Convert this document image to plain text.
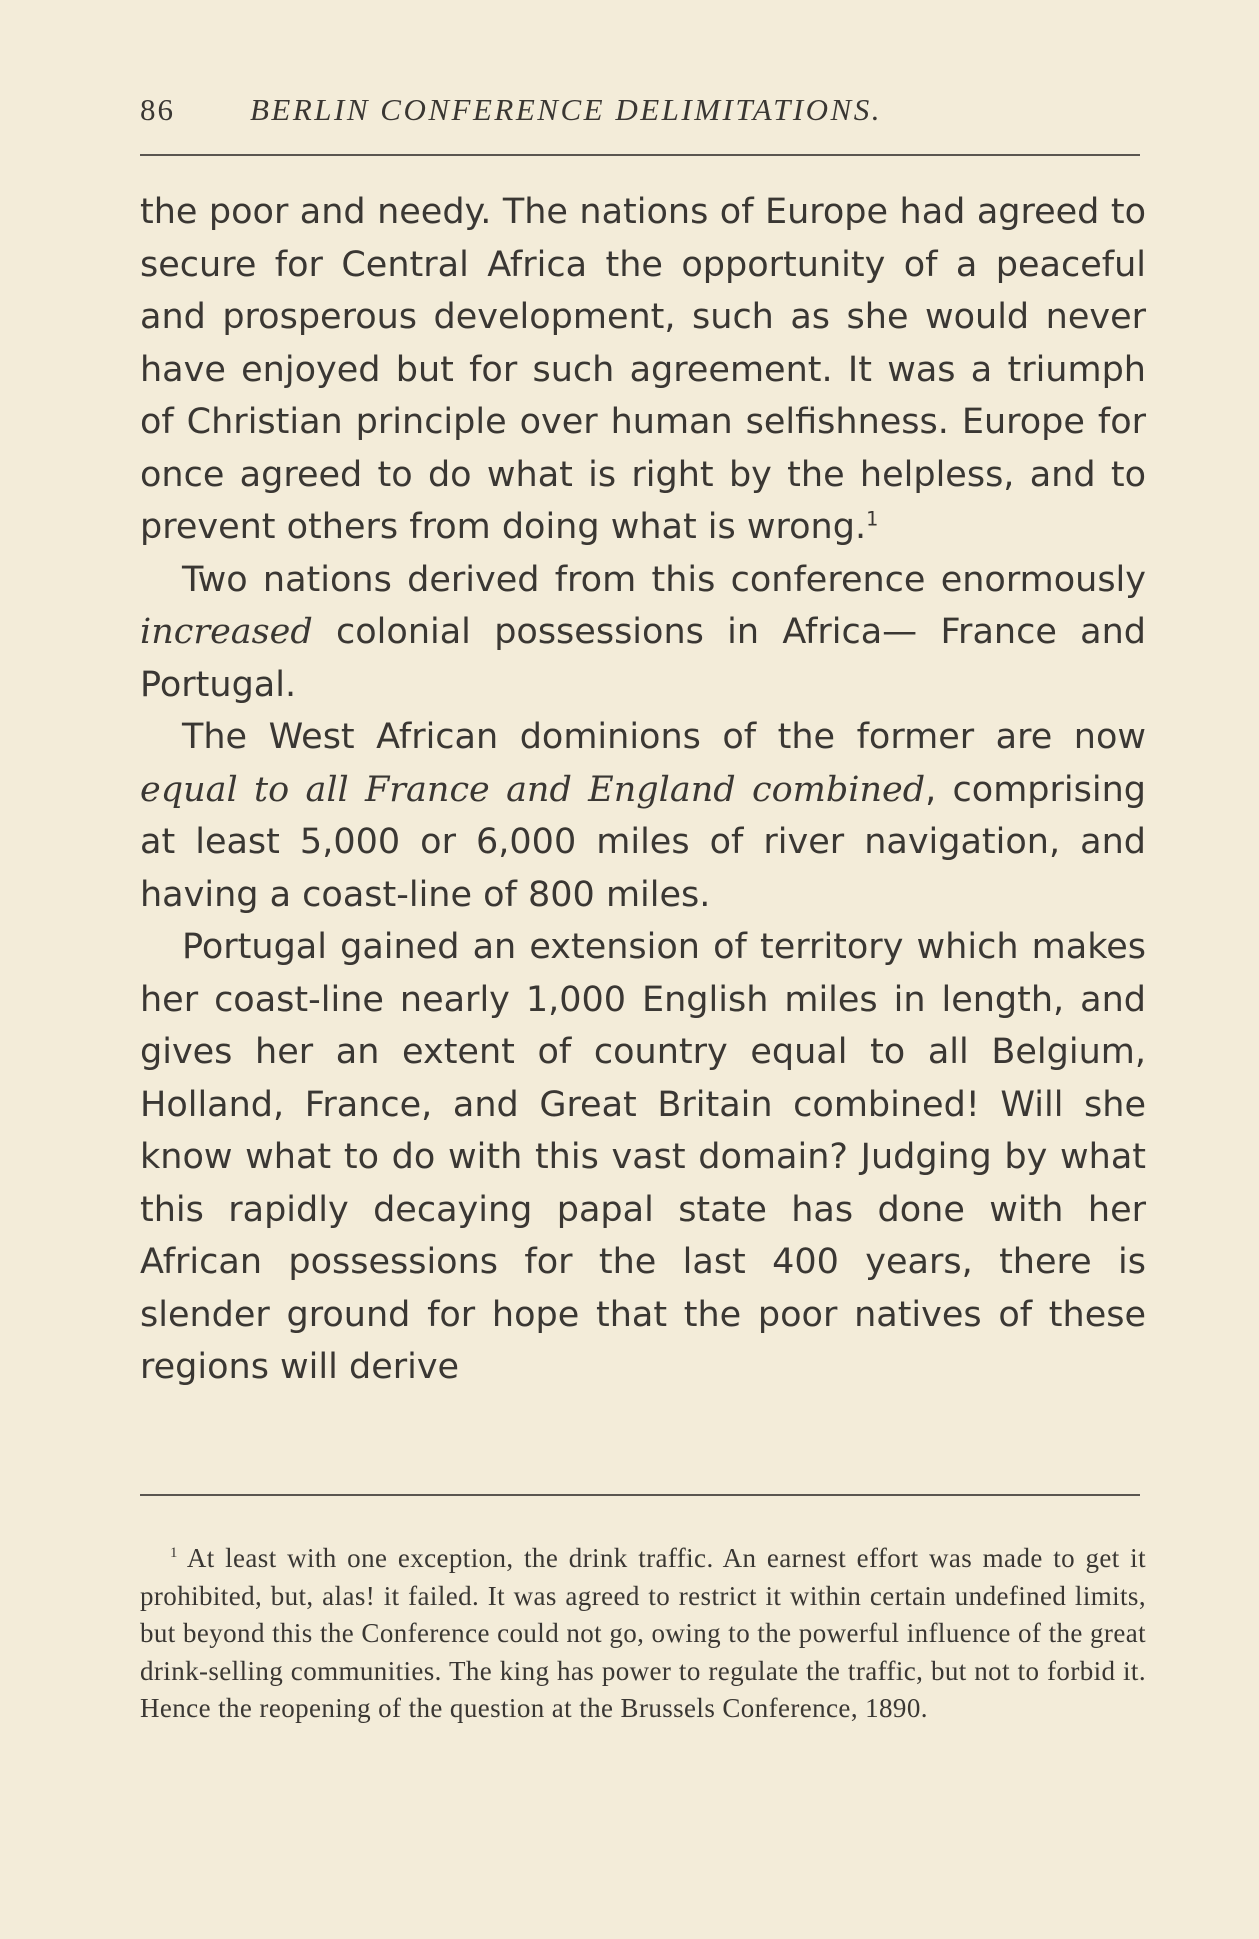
86 BERLIN CONFERENCE DELIMITATIONS.

the poor and needy. The nations of Europe had agreed to secure for Central Africa the opportunity of a peaceful and prosperous development, such as she would never have enjoyed but for such agreement. It was a triumph of Christian principle over human selfishness. Europe for once agreed to do what is right by the helpless, and to prevent others from doing what is wrong.$^1$

Two nations derived from this conference enormously increased colonial possessions in Africa— France and Portugal.

The West African dominions of the former are now equal to all France and England combined, comprising at least 5,000 or 6,000 miles of river navigation, and having a coast-line of 800 miles.

Portugal gained an extension of territory which makes her coast-line nearly 1,000 English miles in length, and gives her an extent of country equal to all Belgium, Holland, France, and Great Britain combined! Will she know what to do with this vast domain? Judging by what this rapidly decaying papal state has done with her African possessions for the last 400 years, there is slender ground for hope that the poor natives of these regions will derive

$^1$ At least with one exception, the drink traffic. An earnest effort was made to get it prohibited, but, alas! it failed. It was agreed to restrict it within certain undefined limits, but beyond this the Conference could not go, owing to the powerful influence of the great drink-selling communities. The king has power to regulate the traffic, but not to forbid it. Hence the reopening of the question at the Brussels Conference, 1890.
